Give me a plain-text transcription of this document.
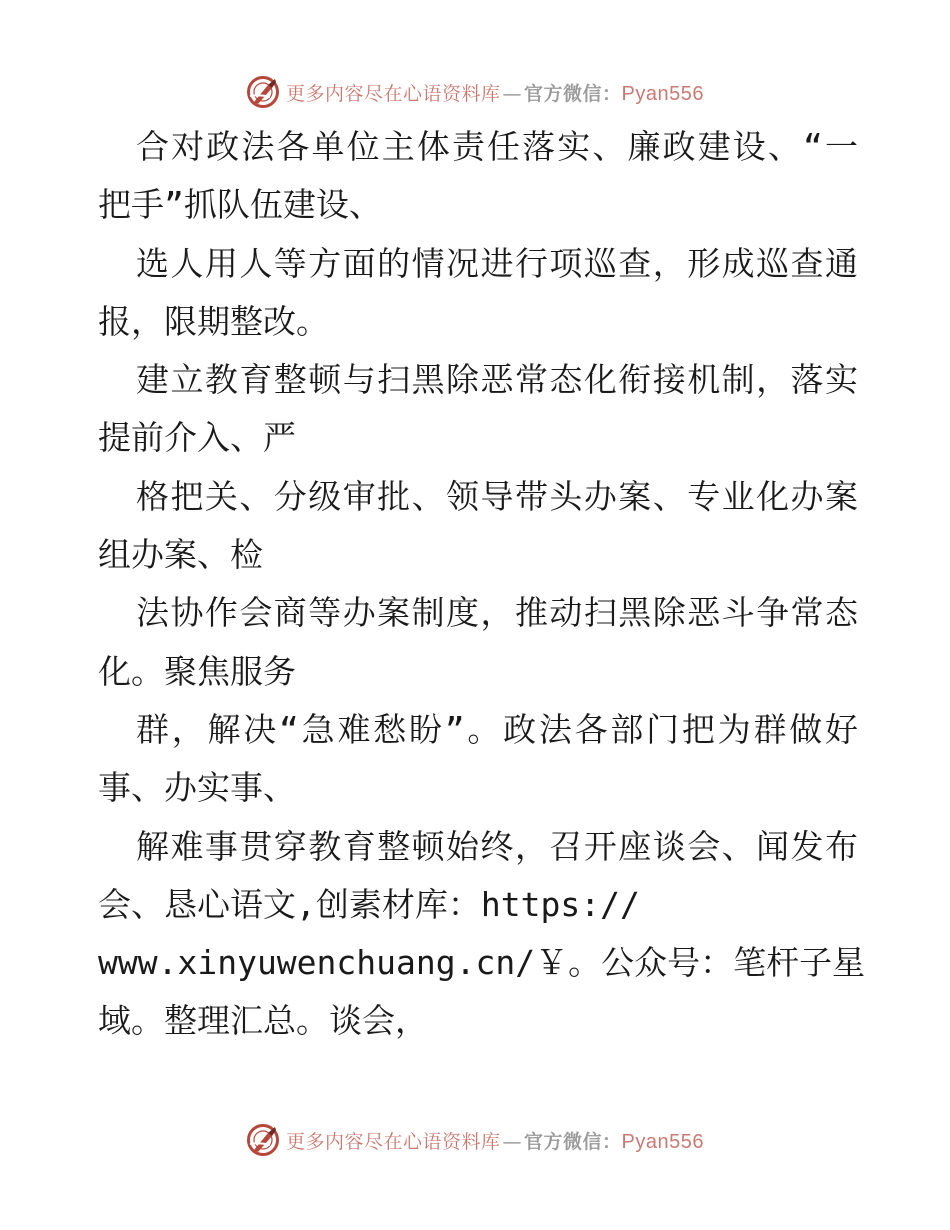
更多内容尽在心语资料库 — 官方微信： Pyan556
合对政法各单位主体责任落实、廉政建设、“一
把手”抓队伍建设、
选人用人等方面的情况进行项巡查，形成巡查通
报，限期整改。
建立教育整顿与扫黑除恶常态化衔接机制，落实
提前介入、严
格把关、分级审批、领导带头办案、专业化办案
组办案、检
法协作会商等办案制度，推动扫黑除恶斗争常态
化。聚焦服务
群，解决“急难愁盼”。政法各部门把为群做好
事、办实事、
解难事贯穿教育整顿始终，召开座谈会、闻发布
会、恳心语文,创素材库：https://
www.xinyuwenchuang.cn/￥。公众号：笔杆子星
域。整理汇总。谈会，
更多内容尽在心语资料库 — 官方微信： Pyan556
